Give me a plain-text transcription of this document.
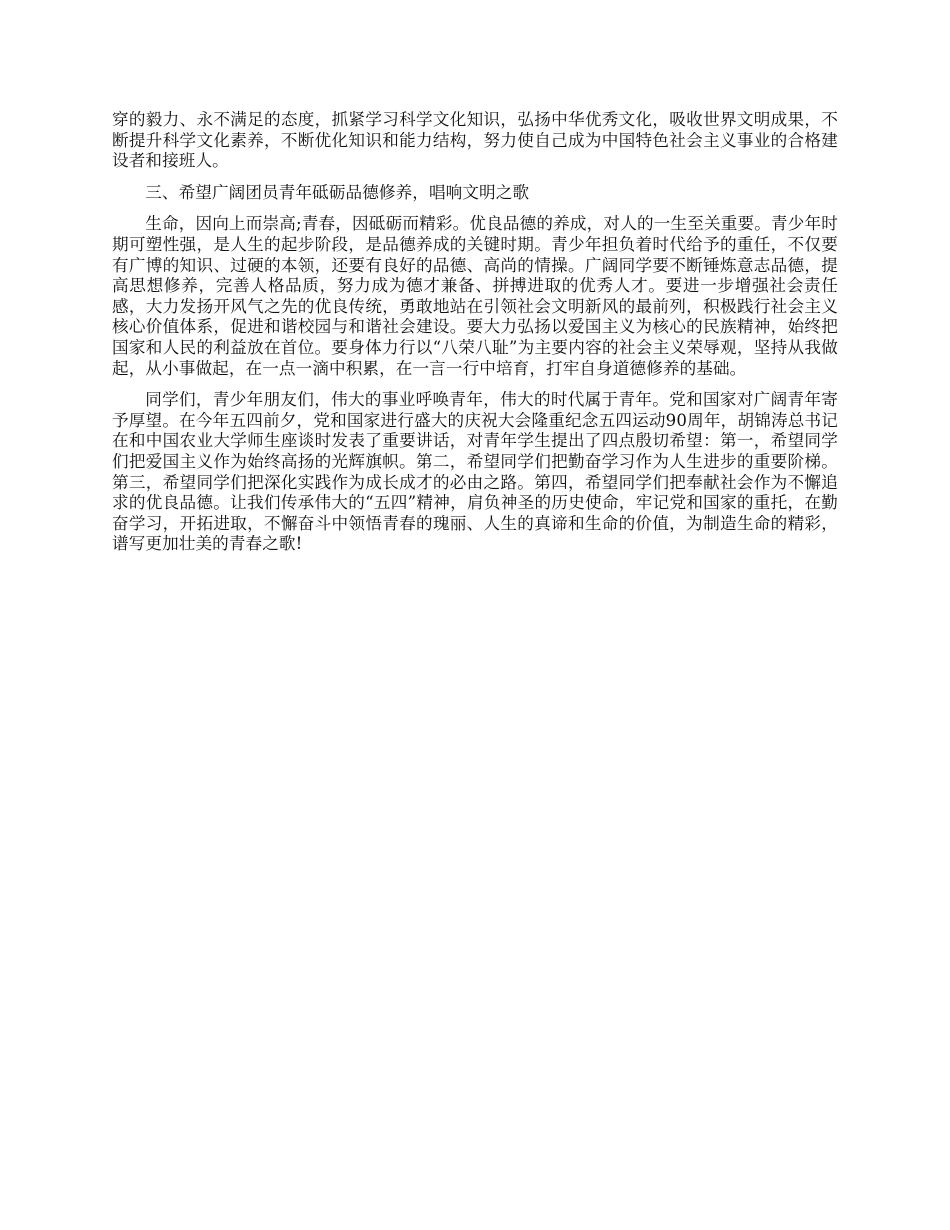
穿的毅力、永不满足的态度，抓紧学习科学文化知识，弘扬中华优秀文化，吸收世界文明成果，不断提升科学文化素养，不断优化知识和能力结构，努力使自己成为中国特色社会主义事业的合格建设者和接班人。

三、希望广阔团员青年砥砺品德修养，唱响文明之歌

生命，因向上而崇高;青春，因砥砺而精彩。优良品德的养成，对人的一生至关重要。青少年时期可塑性强，是人生的起步阶段，是品德养成的关键时期。青少年担负着时代给予的重任，不仅要有广博的知识、过硬的本领，还要有良好的品德、高尚的情操。广阔同学要不断锤炼意志品德，提高思想修养，完善人格品质，努力成为德才兼备、拼搏进取的优秀人才。要进一步增强社会责任感，大力发扬开风气之先的优良传统，勇敢地站在引领社会文明新风的最前列，积极践行社会主义核心价值体系，促进和谐校园与和谐社会建设。要大力弘扬以爱国主义为核心的民族精神，始终把国家和人民的利益放在首位。要身体力行以“八荣八耻”为主要内容的社会主义荣辱观，坚持从我做起，从小事做起，在一点一滴中积累，在一言一行中培育，打牢自身道德修养的基础。

同学们，青少年朋友们，伟大的事业呼唤青年，伟大的时代属于青年。党和国家对广阔青年寄予厚望。在今年五四前夕，党和国家进行盛大的庆祝大会隆重纪念五四运动90周年，胡锦涛总书记在和中国农业大学师生座谈时发表了重要讲话，对青年学生提出了四点殷切希望：第一，希望同学们把爱国主义作为始终高扬的光辉旗帜。第二，希望同学们把勤奋学习作为人生进步的重要阶梯。第三，希望同学们把深化实践作为成长成才的必由之路。第四，希望同学们把奉献社会作为不懈追求的优良品德。让我们传承伟大的“五四”精神，肩负神圣的历史使命，牢记党和国家的重托，在勤奋学习，开拓进取，不懈奋斗中领悟青春的瑰丽、人生的真谛和生命的价值，为制造生命的精彩，谱写更加壮美的青春之歌!
